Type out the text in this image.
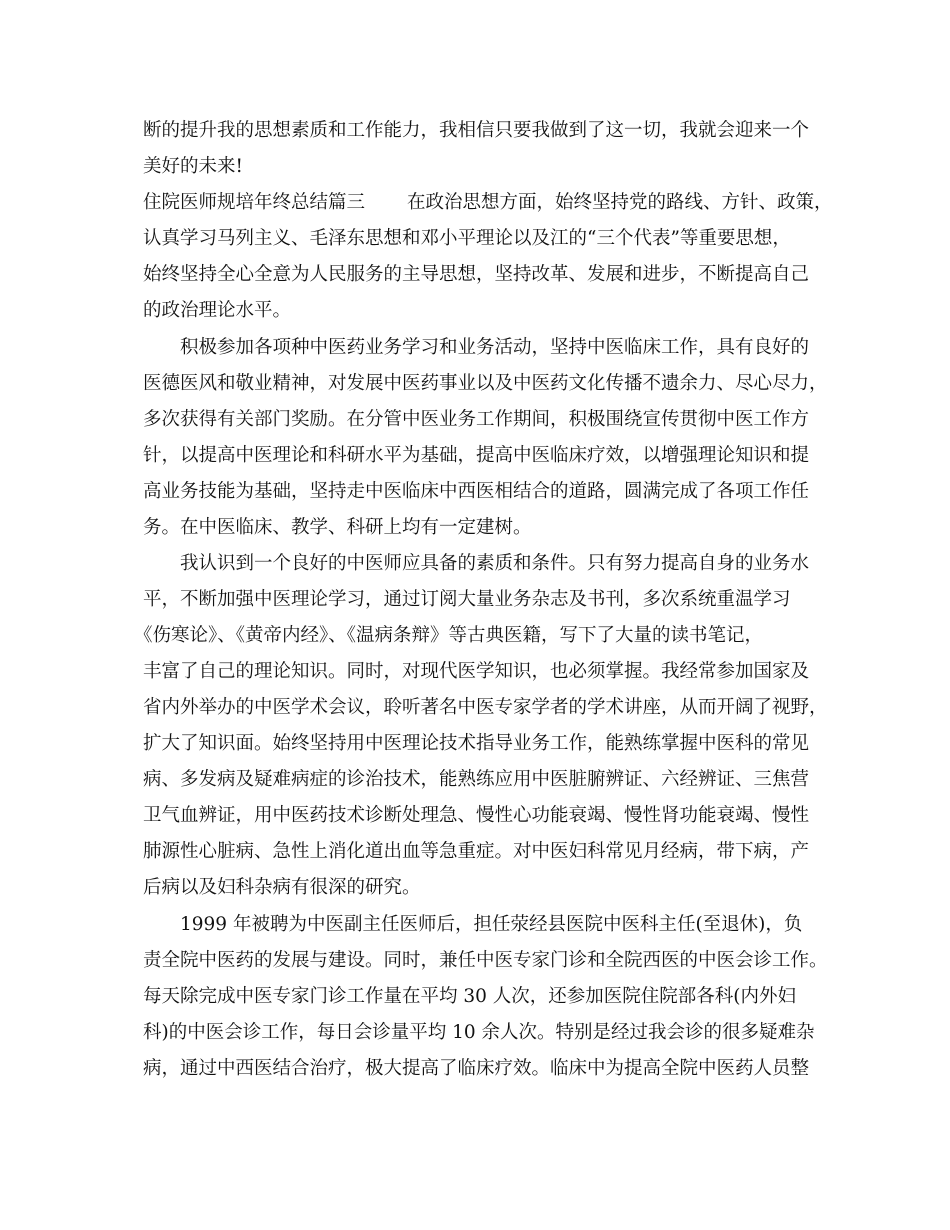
断的提升我的思想素质和工作能力，我相信只要我做到了这一切，我就会迎来一个
美好的未来!
住院医师规培年终总结篇三 在政治思想方面，始终坚持党的路线、方针、政策，
认真学习马列主义、毛泽东思想和邓小平理论以及江的“三个代表”等重要思想，
始终坚持全心全意为人民服务的主导思想，坚持改革、发展和进步，不断提高自己
的政治理论水平。
积极参加各项种中医药业务学习和业务活动，坚持中医临床工作，具有良好的
医德医风和敬业精神，对发展中医药事业以及中医药文化传播不遗余力、尽心尽力，
多次获得有关部门奖励。在分管中医业务工作期间，积极围绕宣传贯彻中医工作方
针，以提高中医理论和科研水平为基础，提高中医临床疗效，以增强理论知识和提
高业务技能为基础，坚持走中医临床中西医相结合的道路，圆满完成了各项工作任
务。在中医临床、教学、科研上均有一定建树。
我认识到一个良好的中医师应具备的素质和条件。只有努力提高自身的业务水
平，不断加强中医理论学习，通过订阅大量业务杂志及书刊，多次系统重温学习
《伤寒论》、《黄帝内经》、《温病条辩》等古典医籍，写下了大量的读书笔记，
丰富了自己的理论知识。同时，对现代医学知识，也必须掌握。我经常参加国家及
省内外举办的中医学术会议，聆听著名中医专家学者的学术讲座，从而开阔了视野，
扩大了知识面。始终坚持用中医理论技术指导业务工作，能熟练掌握中医科的常见
病、多发病及疑难病症的诊治技术，能熟练应用中医脏腑辨证、六经辨证、三焦营
卫气血辨证，用中医药技术诊断处理急、慢性心功能衰竭、慢性肾功能衰竭、慢性
肺源性心脏病、急性上消化道出血等急重症。对中医妇科常见月经病，带下病，产
后病以及妇科杂病有很深的研究。
1999 年被聘为中医副主任医师后，担任荥经县医院中医科主任(至退休)，负
责全院中医药的发展与建设。同时，兼任中医专家门诊和全院西医的中医会诊工作。
每天除完成中医专家门诊工作量在平均 30 人次，还参加医院住院部各科(内外妇
科)的中医会诊工作，每日会诊量平均 10 余人次。特别是经过我会诊的很多疑难杂
病，通过中西医结合治疗，极大提高了临床疗效。临床中为提高全院中医药人员整
